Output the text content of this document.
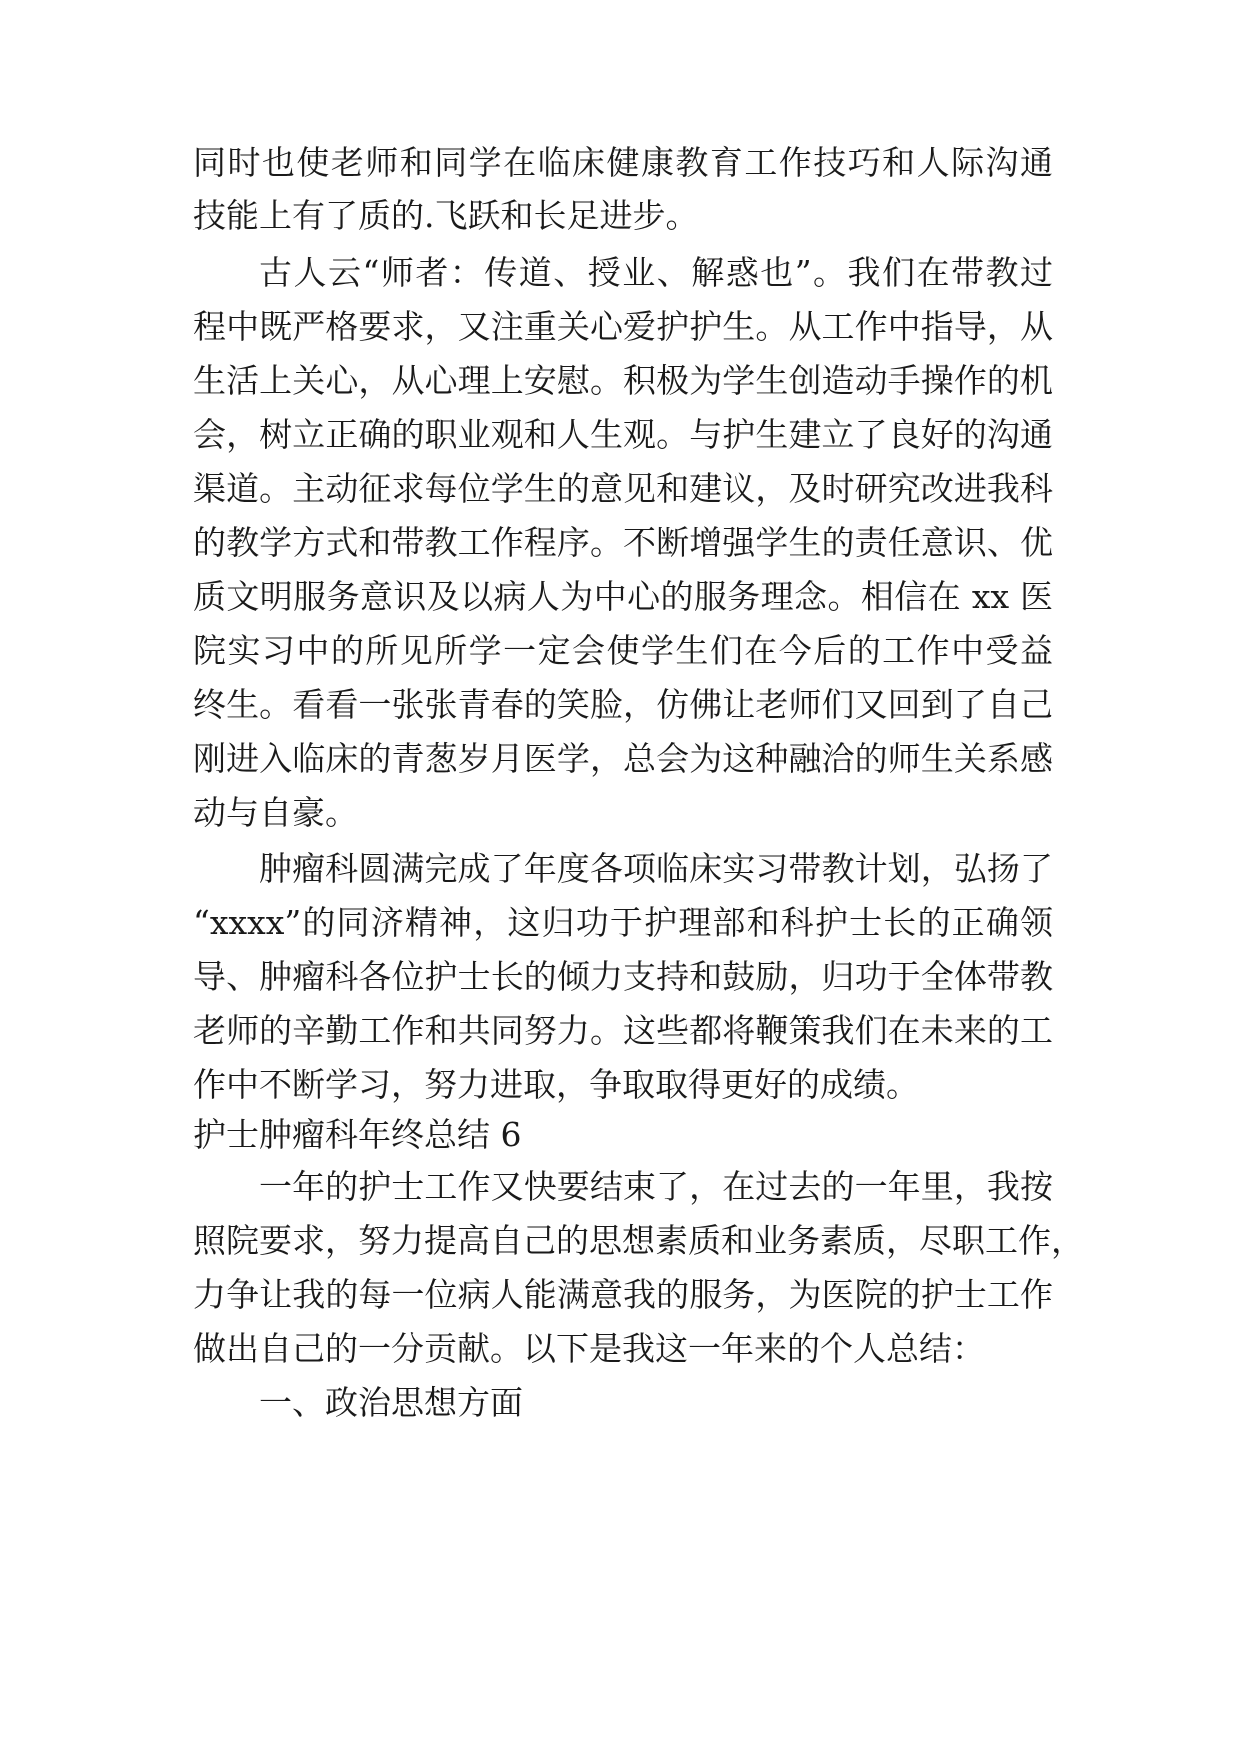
同时也使老师和同学在临床健康教育工作技巧和人际沟通
技能上有了质的.飞跃和长足进步。
古人云“师者：传道、授业、解惑也”。我们在带教过
程中既严格要求，又注重关心爱护护生。从工作中指导，从
生活上关心，从心理上安慰。积极为学生创造动手操作的机
会，树立正确的职业观和人生观。与护生建立了良好的沟通
渠道。主动征求每位学生的意见和建议，及时研究改进我科
的教学方式和带教工作程序。不断增强学生的责任意识、优
质文明服务意识及以病人为中心的服务理念。相信在 xx 医
院实习中的所见所学一定会使学生们在今后的工作中受益
终生。看看一张张青春的笑脸，仿佛让老师们又回到了自己
刚进入临床的青葱岁月医学，总会为这种融洽的师生关系感
动与自豪。
肿瘤科圆满完成了年度各项临床实习带教计划，弘扬了
“xxxx”的同济精神，这归功于护理部和科护士长的正确领
导、肿瘤科各位护士长的倾力支持和鼓励，归功于全体带教
老师的辛勤工作和共同努力。这些都将鞭策我们在未来的工
作中不断学习，努力进取，争取取得更好的成绩。
护士肿瘤科年终总结 6
一年的护士工作又快要结束了，在过去的一年里，我按
照院要求，努力提高自己的思想素质和业务素质，尽职工作，
力争让我的每一位病人能满意我的服务，为医院的护士工作
做出自己的一分贡献。以下是我这一年来的个人总结：
一、政治思想方面
